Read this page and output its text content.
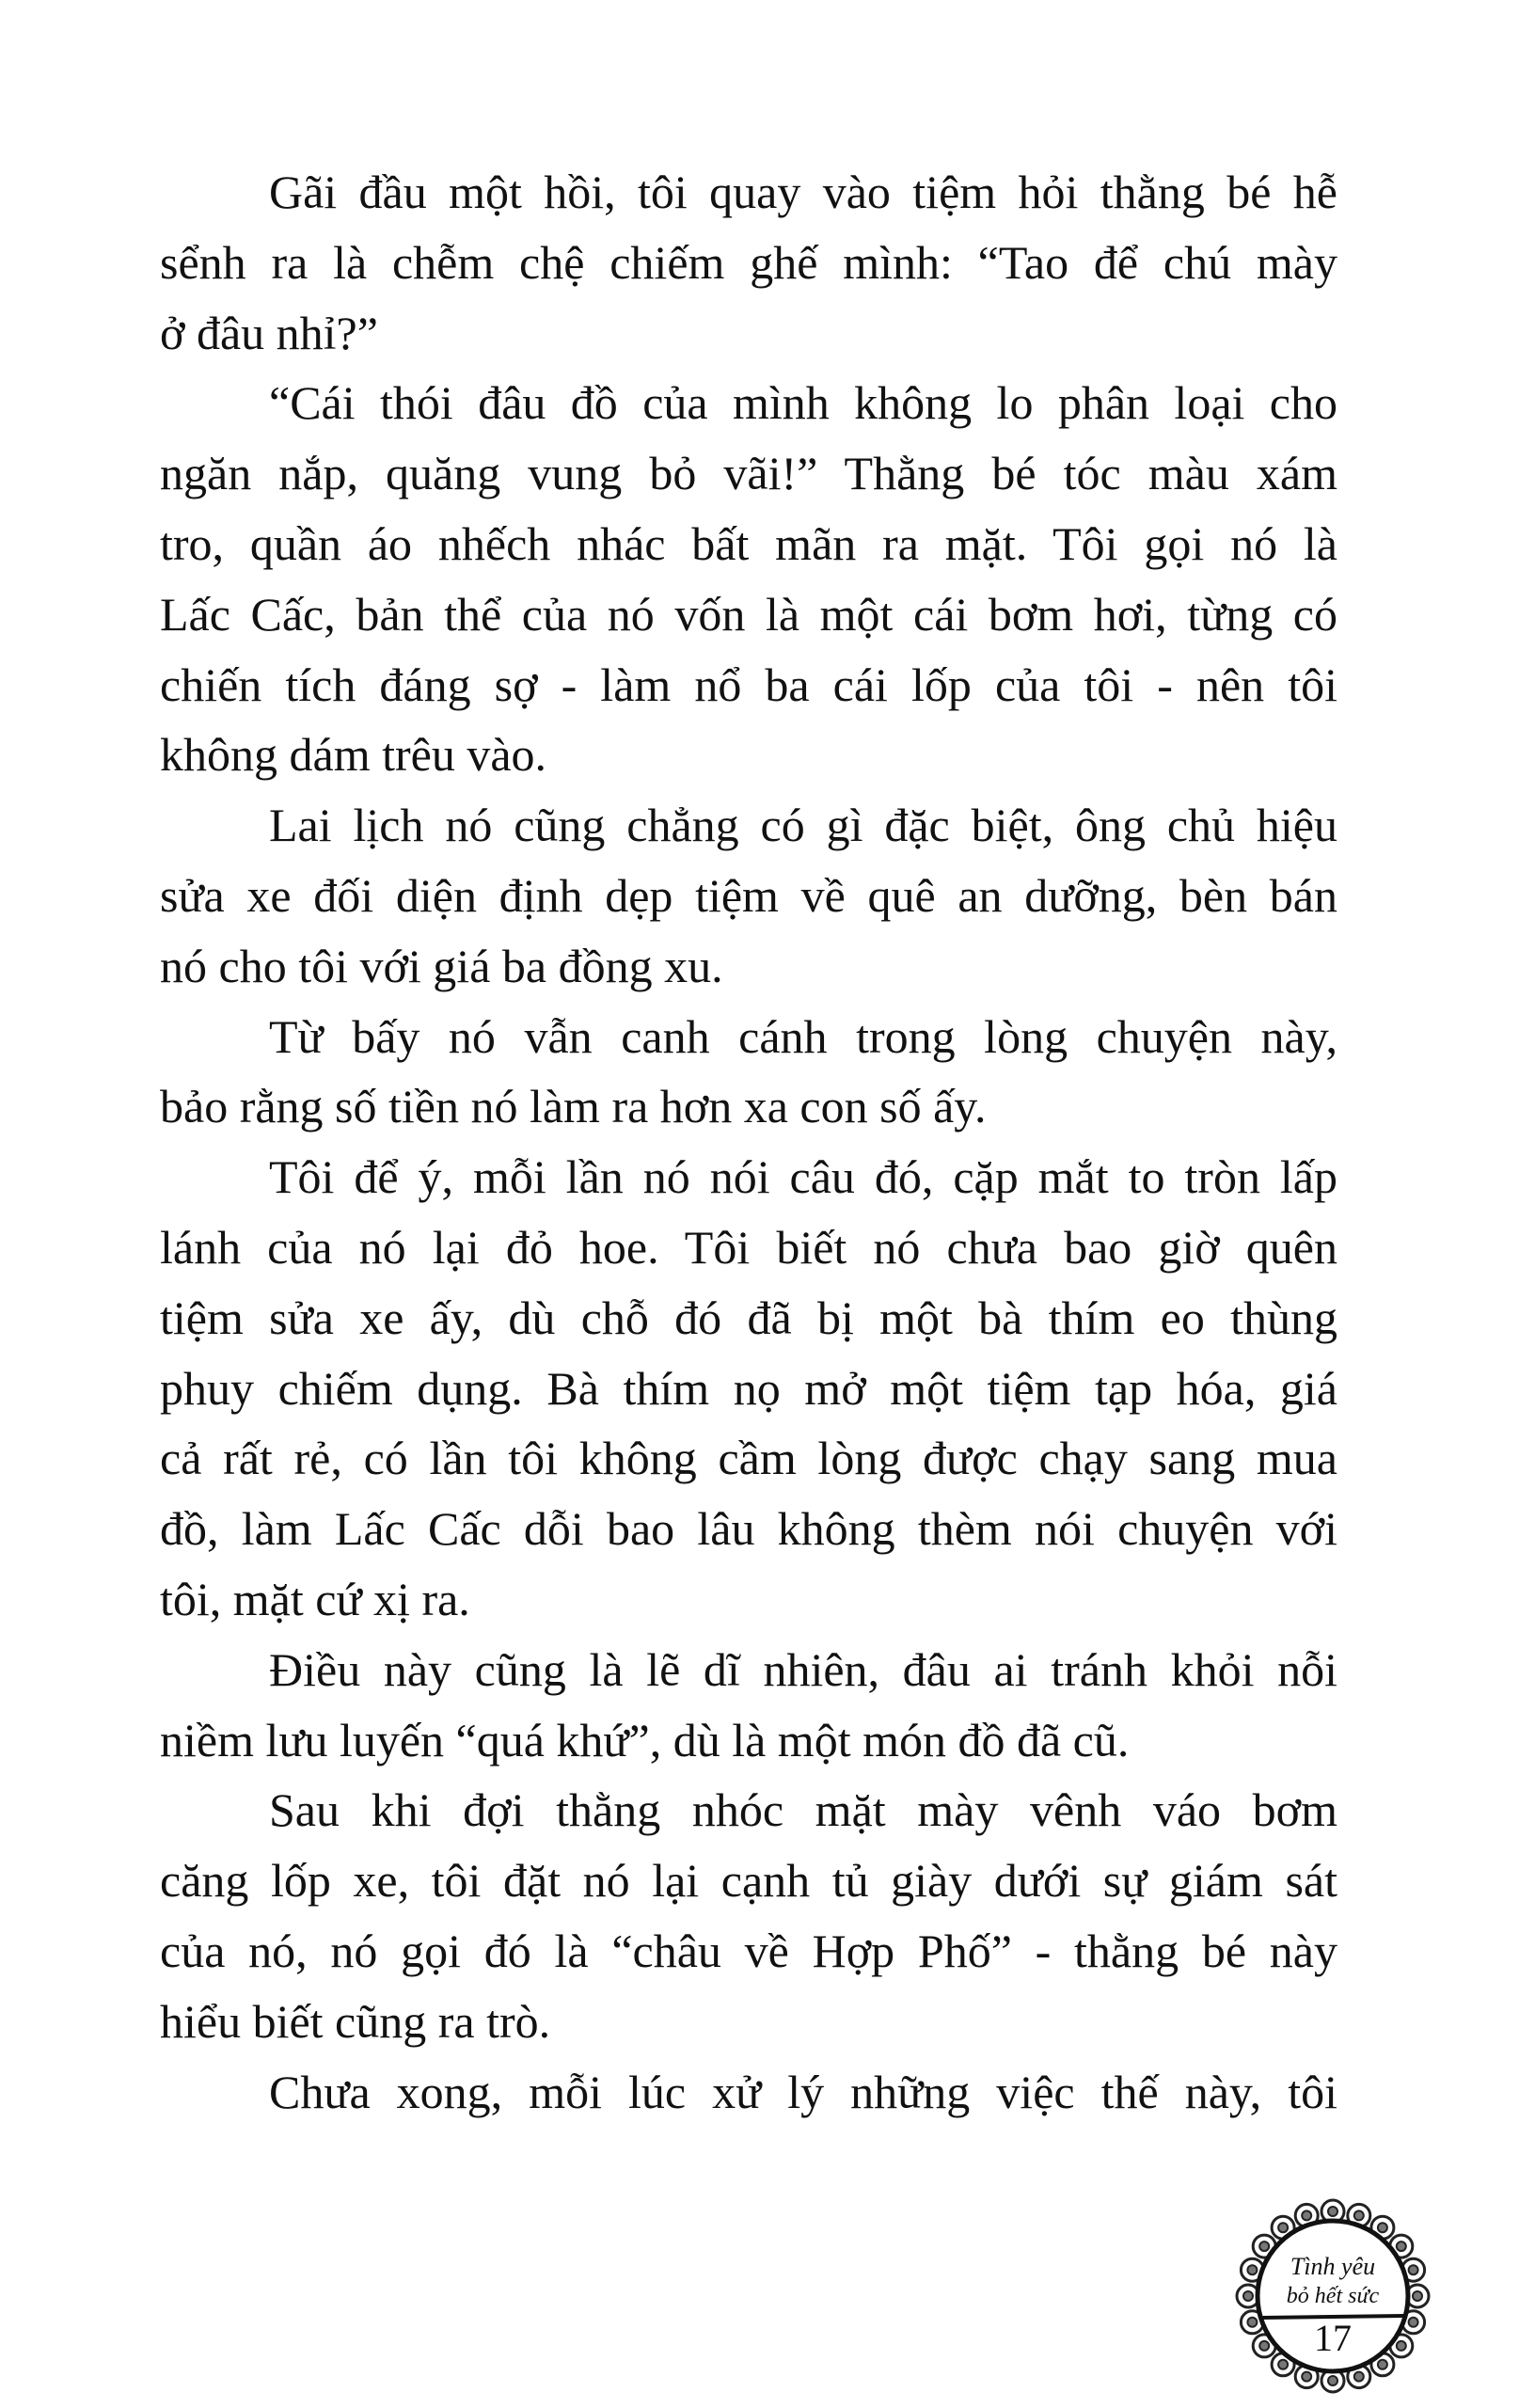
Gãi đầu một hồi, tôi quay vào tiệm hỏi thằng bé hễ
sểnh ra là chễm chệ chiếm ghế mình: “Tao để chú mày
ở đâu nhỉ?”
“Cái thói đâu đồ của mình không lo phân loại cho
ngăn nắp, quăng vung bỏ vãi!” Thằng bé tóc màu xám
tro, quần áo nhếch nhác bất mãn ra mặt. Tôi gọi nó là
Lấc Cấc, bản thể của nó vốn là một cái bơm hơi, từng có
chiến tích đáng sợ - làm nổ ba cái lốp của tôi - nên tôi
không dám trêu vào.
Lai lịch nó cũng chẳng có gì đặc biệt, ông chủ hiệu
sửa xe đối diện định dẹp tiệm về quê an dưỡng, bèn bán
nó cho tôi với giá ba đồng xu.
Từ bấy nó vẫn canh cánh trong lòng chuyện này,
bảo rằng số tiền nó làm ra hơn xa con số ấy.
Tôi để ý, mỗi lần nó nói câu đó, cặp mắt to tròn lấp
lánh của nó lại đỏ hoe. Tôi biết nó chưa bao giờ quên
tiệm sửa xe ấy, dù chỗ đó đã bị một bà thím eo thùng
phuy chiếm dụng. Bà thím nọ mở một tiệm tạp hóa, giá
cả rất rẻ, có lần tôi không cầm lòng được chạy sang mua
đồ, làm Lấc Cấc dỗi bao lâu không thèm nói chuyện với
tôi, mặt cứ xị ra.
Điều này cũng là lẽ dĩ nhiên, đâu ai tránh khỏi nỗi
niềm lưu luyến “quá khứ”, dù là một món đồ đã cũ.
Sau khi đợi thằng nhóc mặt mày vênh váo bơm
căng lốp xe, tôi đặt nó lại cạnh tủ giày dưới sự giám sát
của nó, nó gọi đó là “châu về Hợp Phố” - thằng bé này
hiểu biết cũng ra trò.
Chưa xong, mỗi lúc xử lý những việc thế này, tôi
Tình yêu
bỏ hết sức
17
